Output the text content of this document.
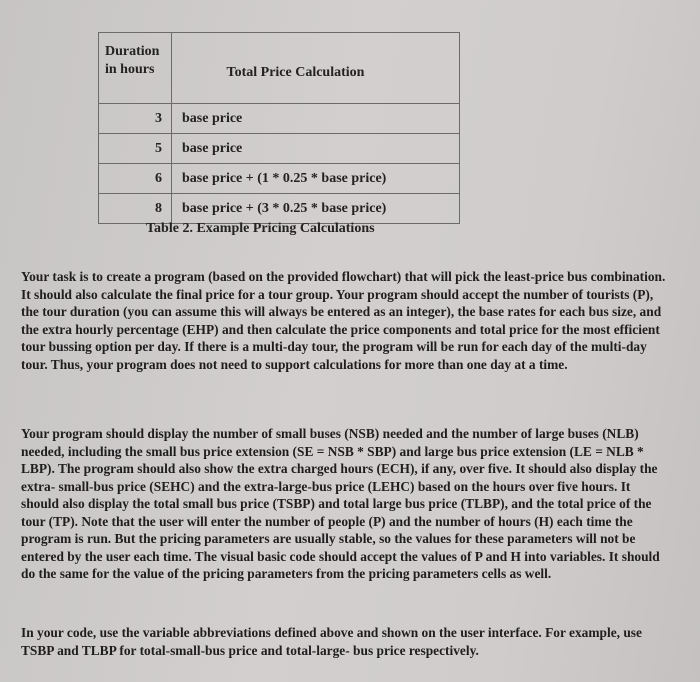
Duration in hours	Total Price Calculation
3	base price
5	base price
6	base price + (1 * 0.25 * base price)
8	base price + (3 * 0.25 * base price)
Table 2. Example Pricing Calculations

Your task is to create a program (based on the provided flowchart) that will pick the least-price bus combination. It should also calculate the final price for a tour group. Your program should accept the number of tourists (P), the tour duration (you can assume this will always be entered as an integer), the base rates for each bus size, and the extra hourly percentage (EHP) and then calculate the price components and total price for the most efficient tour bussing option per day. If there is a multi-day tour, the program will be run for each day of the multi-day tour. Thus, your program does not need to support calculations for more than one day at a time.

Your program should display the number of small buses (NSB) needed and the number of large buses (NLB) needed, including the small bus price extension (SE = NSB * SBP) and large bus price extension (LE = NLB * LBP). The program should also show the extra charged hours (ECH), if any, over five. It should also display the extra- small-bus price (SEHC) and the extra-large-bus price (LEHC) based on the hours over five hours. It should also display the total small bus price (TSBP) and total large bus price (TLBP), and the total price of the tour (TP). Note that the user will enter the number of people (P) and the number of hours (H) each time the program is run. But the pricing parameters are usually stable, so the values for these parameters will not be entered by the user each time. The visual basic code should accept the values of P and H into variables. It should do the same for the value of the pricing parameters from the pricing parameters cells as well.

In your code, use the variable abbreviations defined above and shown on the user interface. For example, use TSBP and TLBP for total-small-bus price and total-large- bus price respectively.
